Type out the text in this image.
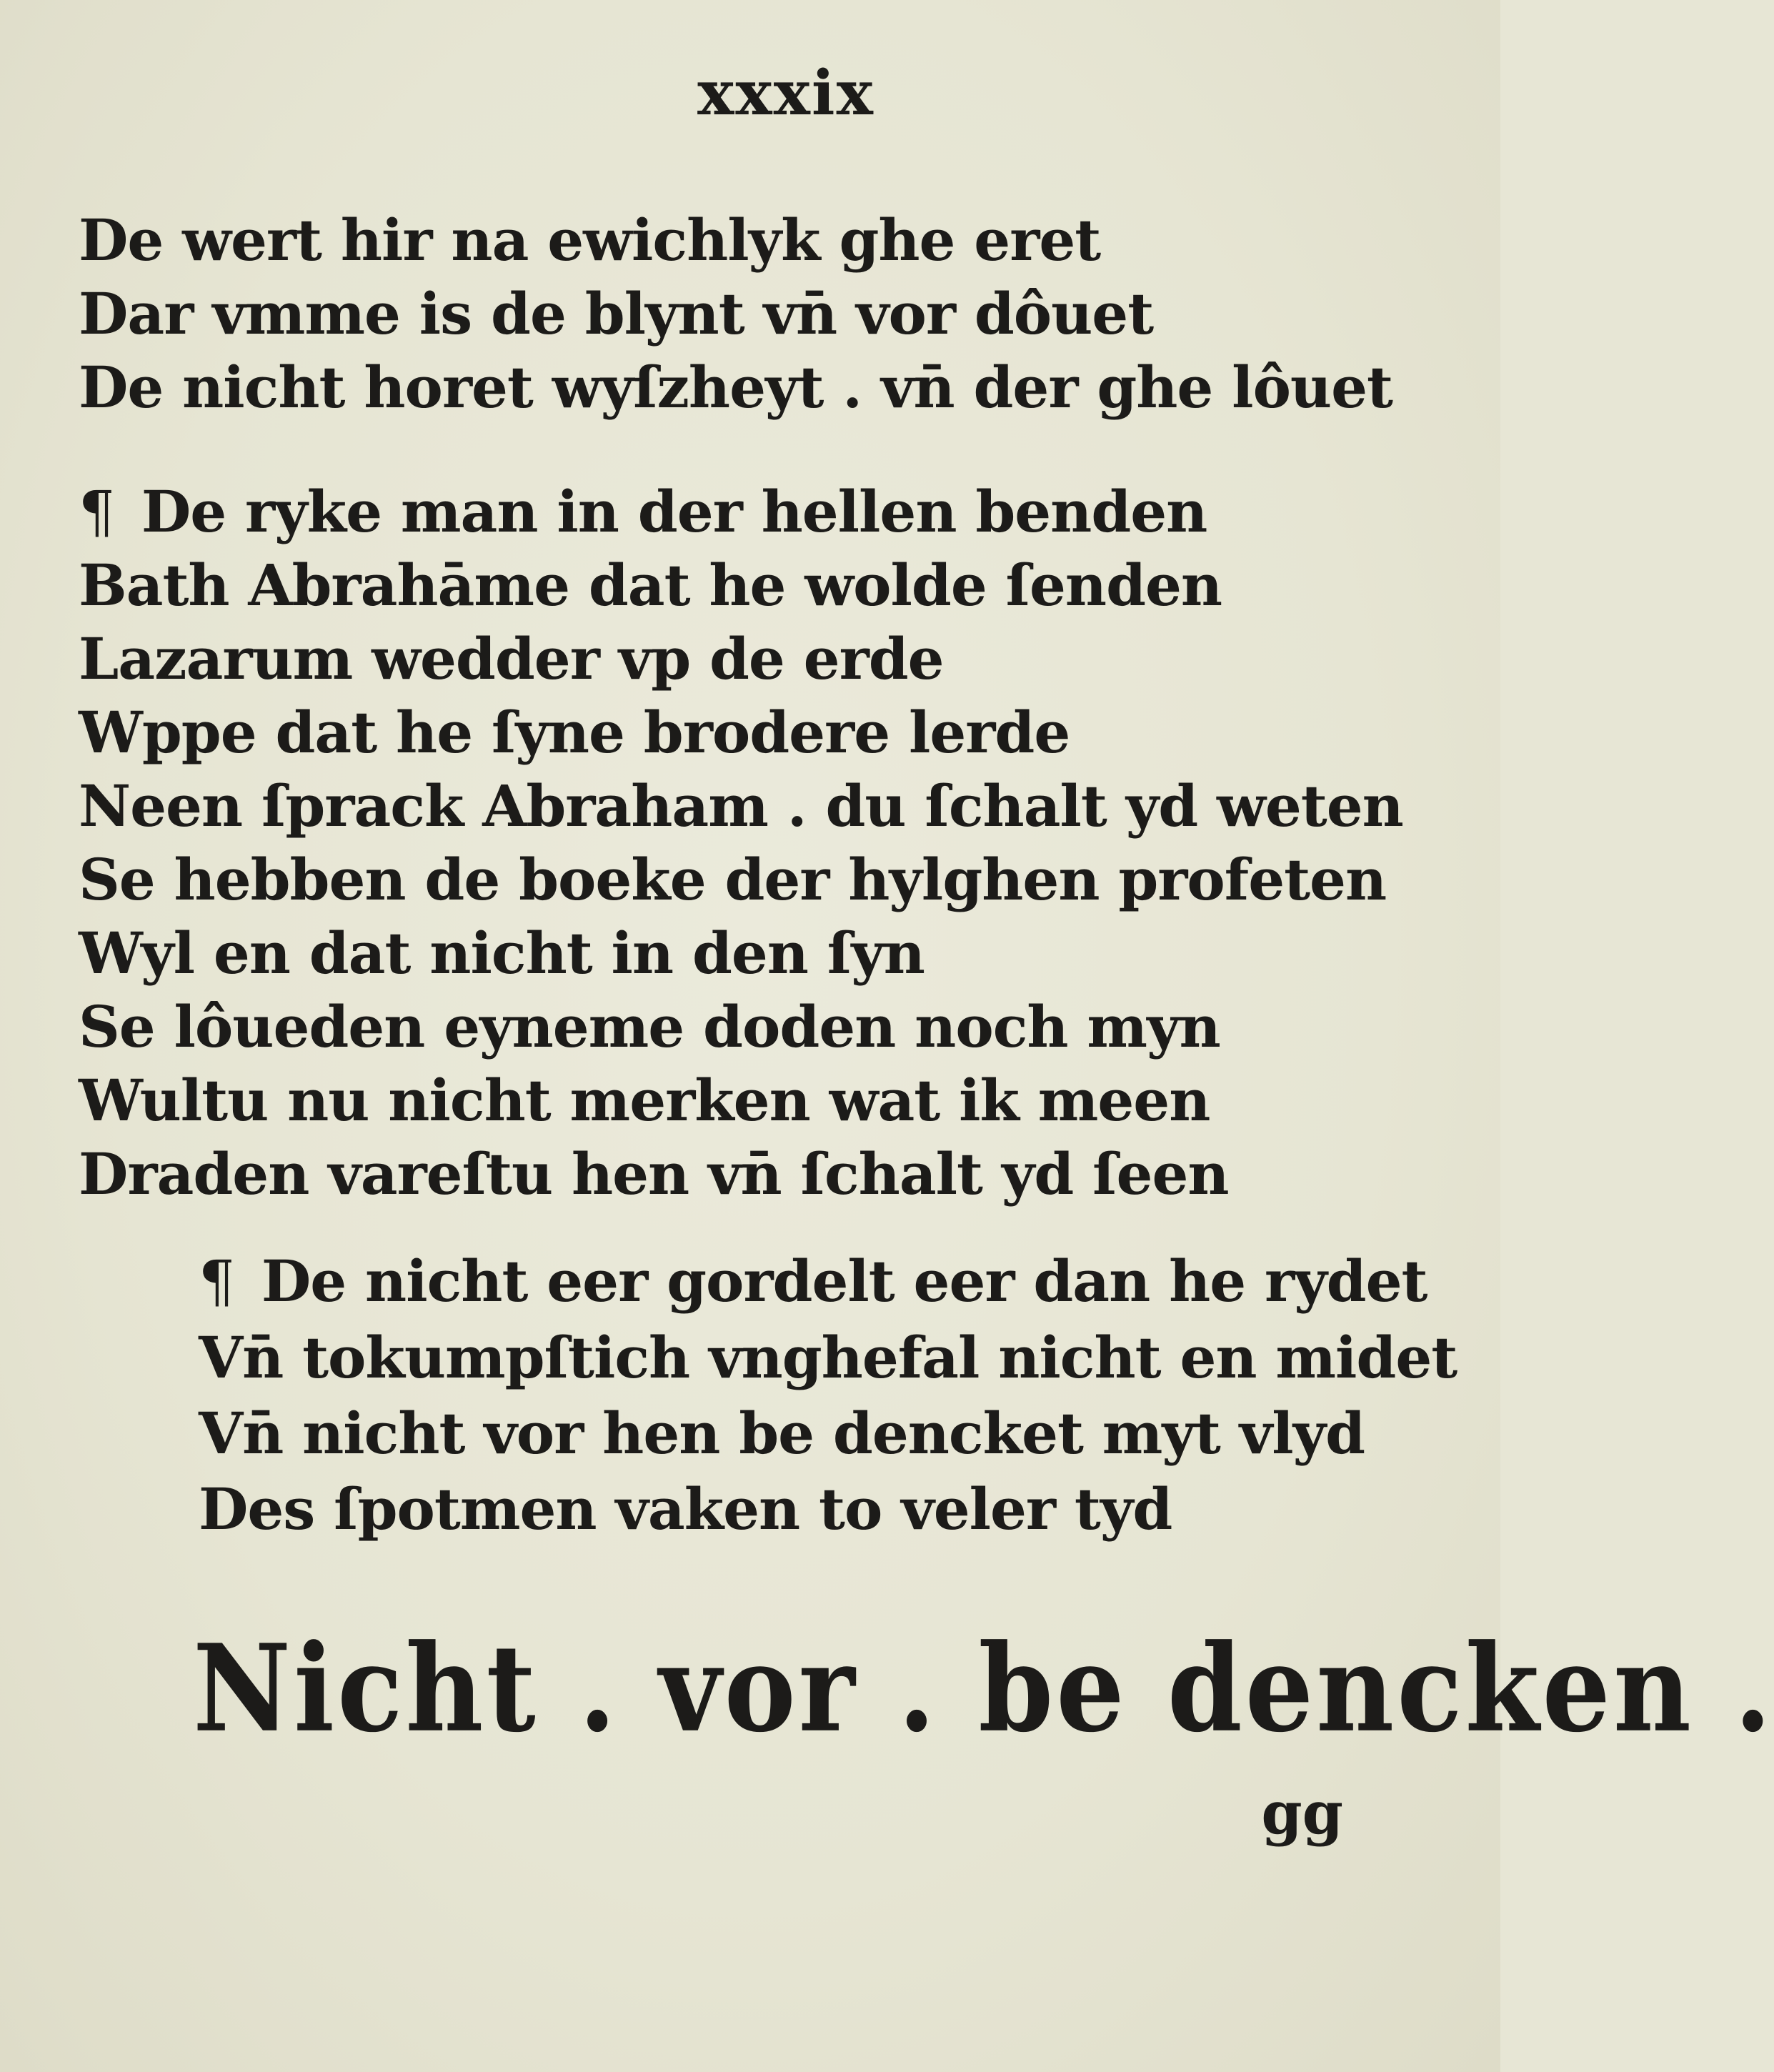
xxxix
De wert hir na ewichlyk ghe eret
Dar vmme is de blynt vn̄ vor dôuet
De nicht horet wyſzheyt . vn̄ der ghe lôuet
¶ De ryke man in der hellen benden
Bath Abrahāme dat he wolde ſenden
Lazarum wedder vp de erde
Wppe dat he ſyne brodere lerde
Neen ſprack Abraham . du ſchalt yd weten
Se hebben de boeke der hylghen profeten
Wyl en dat nicht in den ſyn
Se lôueden eyneme doden noch myn
Wultu nu nicht merken wat ik meen
Draden vareſtu hen vn̄ ſchalt yd ſeen
¶ De nicht eer gordelt eer dan he rydet
Vn̄ tokumpſtich vnghefal nicht en midet
Vn̄ nicht vor hen be dencket myt vlyd
Des ſpotmen vaken to veler tyd
Nicht . vor . be dencken .
gg
